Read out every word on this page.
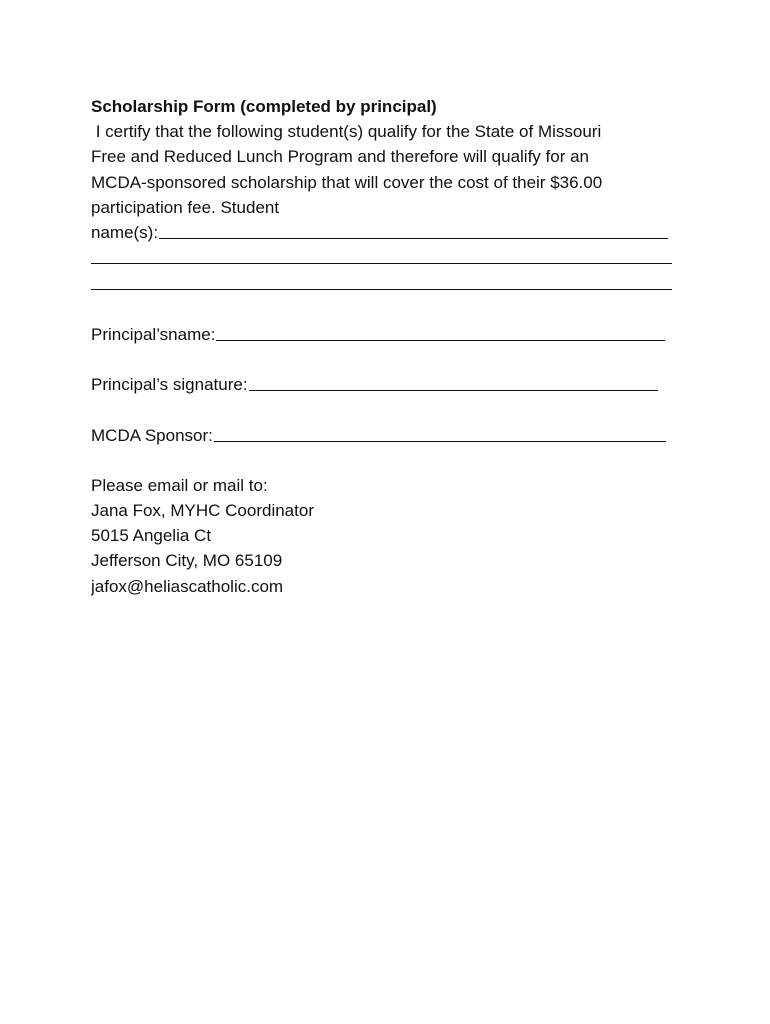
Scholarship Form (completed by principal)
I certify that the following student(s) qualify for the State of Missouri
Free and Reduced Lunch Program and therefore will qualify for an
MCDA-sponsored scholarship that will cover the cost of their $36.00
participation fee. Student
name(s):
Principal’sname:
Principal’s signature:
MCDA Sponsor:
Please email or mail to:
Jana Fox, MYHC Coordinator
5015 Angelia Ct
Jefferson City, MO 65109
jafox@heliascatholic.com
